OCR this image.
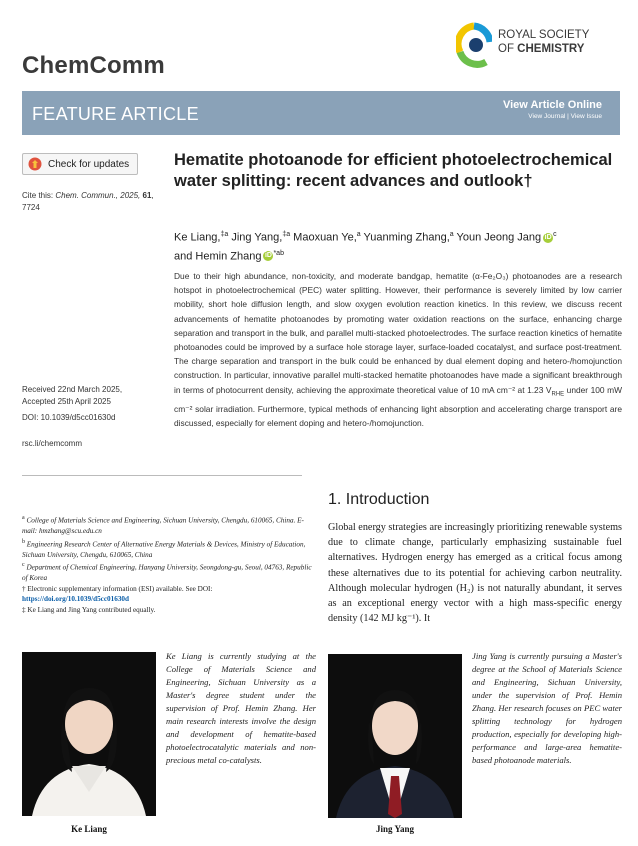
ChemComm
ROYAL SOCIETY
OF CHEMISTRY
FEATURE ARTICLE	View Article Online
View Journal | View Issue
Check for updates
Cite this: Chem. Commun., 2025, 61, 7724
Received 22nd March 2025,
Accepted 25th April 2025
DOI: 10.1039/d5cc01630d
rsc.li/chemcomm
Hematite photoanode for efficient photoelectrochemical water splitting: recent advances and outlook†
Ke Liang,$^{\ddagger a}$ Jing Yang,$^{\ddagger a}$ Maoxuan Ye,$^a$ Yuanming Zhang,$^a$ Youn Jeong Jang iD $^c$
and Hemin Zhang iD $^{*ab}$
Due to their high abundance, non-toxicity, and moderate bandgap, hematite (α-Fe₂O₃) photoanodes are a research hotspot in photoelectrochemical (PEC) water splitting. However, their performance is severely limited by low carrier mobility, short hole diffusion length, and slow oxygen evolution reaction kinetics. In this review, we discuss recent advancements of hematite photoanodes by promoting water oxidation reactions on the surface, enhancing charge separation and transport in the bulk, and parallel multi-stacked photoelectrodes. The surface reaction kinetics of hematite photoanodes could be improved by a surface hole storage layer, surface-loaded cocatalyst, and surface post-treatment. The charge separation and transport in the bulk could be enhanced by dual element doping and hetero-/homojunction construction. In particular, innovative parallel multi-stacked hematite photoanodes have made a significant breakthrough in terms of photocurrent density, achieving the approximate theoretical value of 10 mA cm⁻² at 1.23 $V_{RHE}$ under 100 mW cm⁻² solar irradiation. Furthermore, typical methods of enhancing light absorption and accelerating charge transport are discussed, especially for element doping and hetero-/homojunction.

$^a$ College of Materials Science and Engineering, Sichuan University, Chengdu, 610065, China. E-mail: hmzhang@scu.edu.cn

$^b$ Engineering Research Center of Alternative Energy Materials & Devices, Ministry of Education, Sichuan University, Chengdu, 610065, China

$^c$ Department of Chemical Engineering, Hanyang University, Seongdong-gu, Seoul, 04763, Republic of Korea

† Electronic supplementary information (ESI) available. See DOI: https://doi.org/10.1039/d5cc01630d

‡ Ke Liang and Jing Yang contributed equally.

1. Introduction
Global energy strategies are increasingly prioritizing renewable systems due to climate change, particularly emphasizing sustainable fuel alternatives. Hydrogen energy has emerged as a critical focus among these alternatives due to its potential for achieving carbon neutrality. Although molecular hydrogen (H₂) is not naturally abundant, it serves as an exceptional energy vector with a high mass-specific energy density (142 MJ kg⁻¹). It
Ke Liang is currently studying at the College of Materials Science and Engineering, Sichuan University as a Master's degree student under the supervision of Prof. Hemin Zhang. Her main research interests involve the design and development of hematite-based photoelectrocatalytic materials and non-precious metal co-catalysts.
Ke Liang
Jing Yang is currently pursuing a Master's degree at the School of Materials Science and Engineering, Sichuan University, under the supervision of Prof. Hemin Zhang. Her research focuses on PEC water splitting technology for hydrogen production, especially for developing high-performance and large-area hematite-based photoanode materials.
Jing Yang
